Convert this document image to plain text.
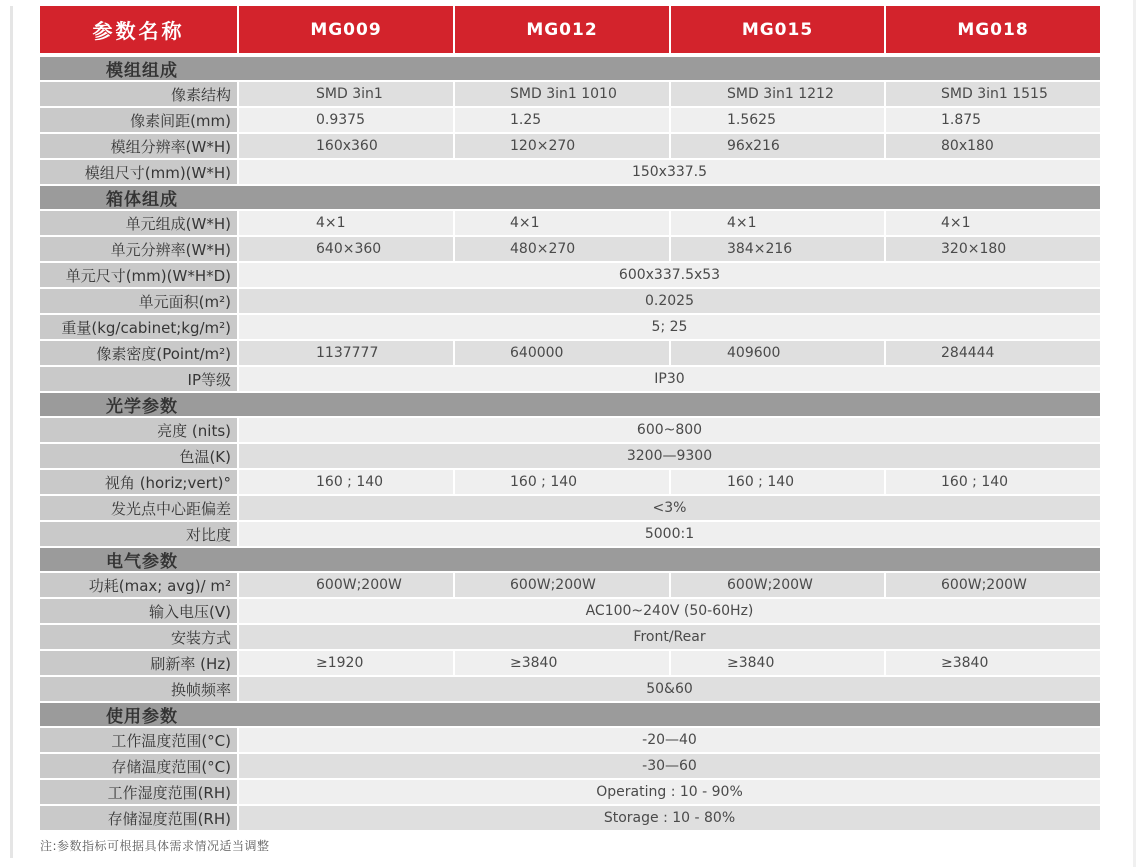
参数名称	MG009	MG012	MG015	MG018
模组组成
像素结构	SMD 3in1	SMD 3in1 1010	SMD 3in1 1212	SMD 3in1 1515
像素间距(mm)	0.9375	1.25	1.5625	1.875
模组分辨率(W*H)	160x360	120×270	96x216	80x180
模组尺寸(mm)(W*H)	150x337.5
箱体组成
单元组成(W*H)	4×1	4×1	4×1	4×1
单元分辨率(W*H)	640×360	480×270	384×216	320×180
单元尺寸(mm)(W*H*D)	600x337.5x53
单元面积(m²)	0.2025
重量(kg/cabinet;kg/m²)	5; 25
像素密度(Point/m²)	1137777	640000	409600	284444
IP等级	IP30
光学参数
亮度 (nits)	600~800
色温(K)	3200—9300
视角 (horiz;vert)°	160 ; 140	160 ; 140	160 ; 140	160 ; 140
发光点中心距偏差	<3%
对比度	5000:1
电气参数
功耗(max; avg)/ m²	600W;200W	600W;200W	600W;200W	600W;200W
输入电压(V)	AC100~240V (50-60Hz)
安装方式	Front/Rear
刷新率 (Hz)	≥1920	≥3840	≥3840	≥3840
换帧频率	50&60
使用参数
工作温度范围(°C)	-20—40
存储温度范围(°C)	-30—60
工作湿度范围(RH)	Operating : 10 - 90%
存储湿度范围(RH)	Storage : 10 - 80%
注:参数指标可根据具体需求情况适当调整
